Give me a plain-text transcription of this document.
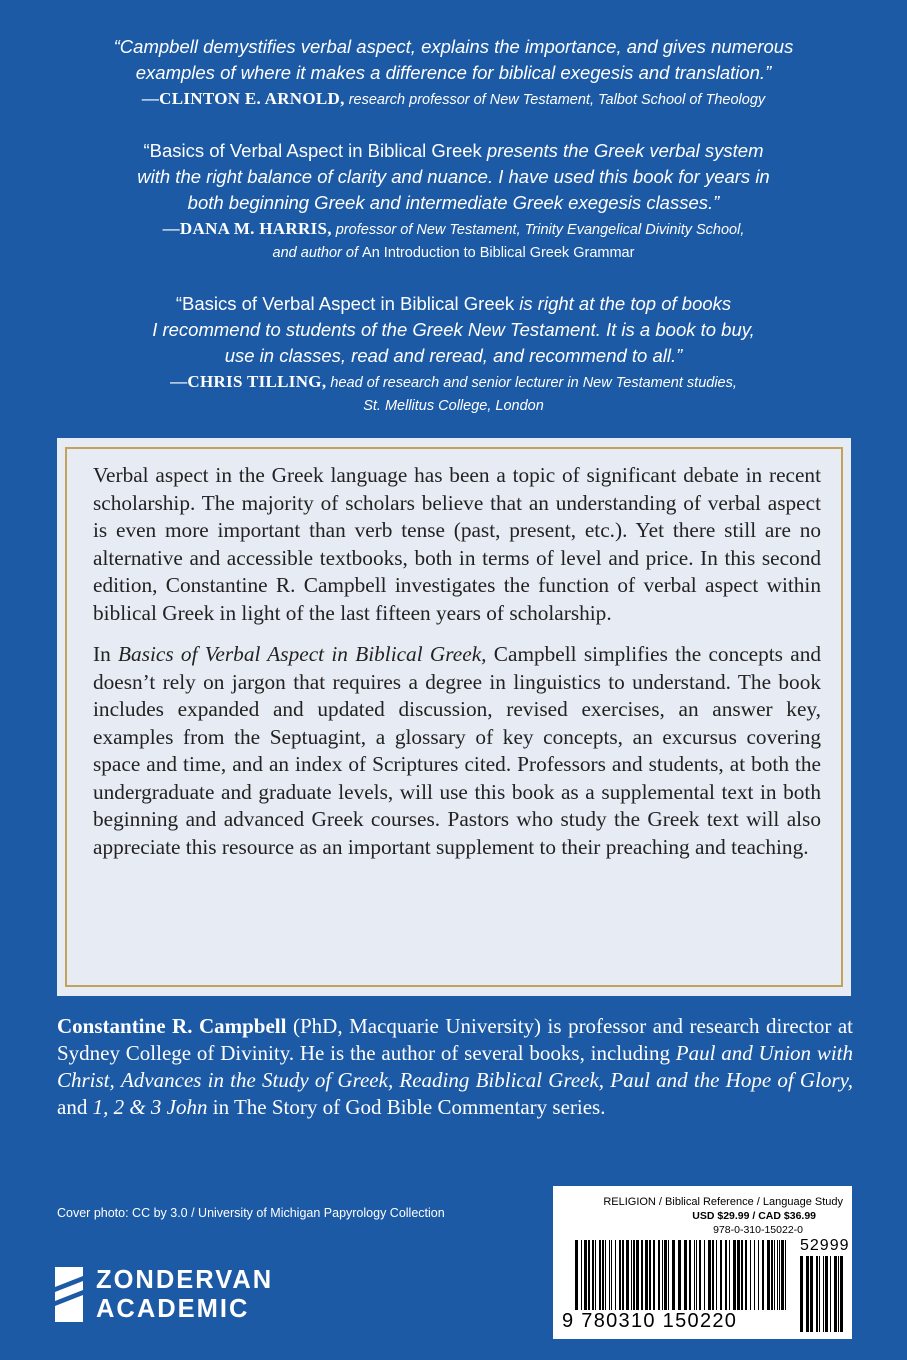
“Campbell demystifies verbal aspect, explains the importance, and gives numerous
examples of where it makes a difference for biblical exegesis and translation.”
—CLINTON E. ARNOLD, research professor of New Testament, Talbot School of Theology
“Basics of Verbal Aspect in Biblical Greek presents the Greek verbal system
with the right balance of clarity and nuance. I have used this book for years in
both beginning Greek and intermediate Greek exegesis classes.”
—DANA M. HARRIS, professor of New Testament, Trinity Evangelical Divinity School,
and author of An Introduction to Biblical Greek Grammar
“Basics of Verbal Aspect in Biblical Greek is right at the top of books
I recommend to students of the Greek New Testament. It is a book to buy,
use in classes, read and reread, and recommend to all.”
—CHRIS TILLING, head of research and senior lecturer in New Testament studies,
St. Mellitus College, London

Verbal aspect in the Greek language has been a topic of significant debate in recent scholarship. The majority of scholars believe that an understanding of verbal aspect is even more important than verb tense (past, present, etc.). Yet there still are no alternative and accessible textbooks, both in terms of level and price. In this second edition, Constantine R. Campbell investigates the function of verbal aspect within biblical Greek in light of the last fifteen years of scholarship.

In Basics of Verbal Aspect in Biblical Greek, Campbell simplifies the concepts and doesn’t rely on jargon that requires a degree in linguistics to understand. The book includes expanded and updated discussion, revised exercises, an answer key, examples from the Septuagint, a glossary of key concepts, an excursus covering space and time, and an index of Scriptures cited. Professors and students, at both the undergraduate and graduate levels, will use this book as a supplemental text in both beginning and advanced Greek courses. Pastors who study the Greek text will also appreciate this resource as an important supplement to their preaching and teaching.

Constantine R. Campbell (PhD, Macquarie University) is professor and research director at Sydney College of Divinity. He is the author of several books, including Paul and Union with Christ, Advances in the Study of Greek, Reading Biblical Greek, Paul and the Hope of Glory, and 1, 2 & 3 John in The Story of God Bible Commentary series.
Cover photo: CC by 3.0 / University of Michigan Papyrology Collection
ZONDERVAN
ACADEMIC
RELIGION / Biblical Reference / Language Study
USD $29.99 / CAD $36.99
978-0-310-15022-0
52999
9 780310 150220
